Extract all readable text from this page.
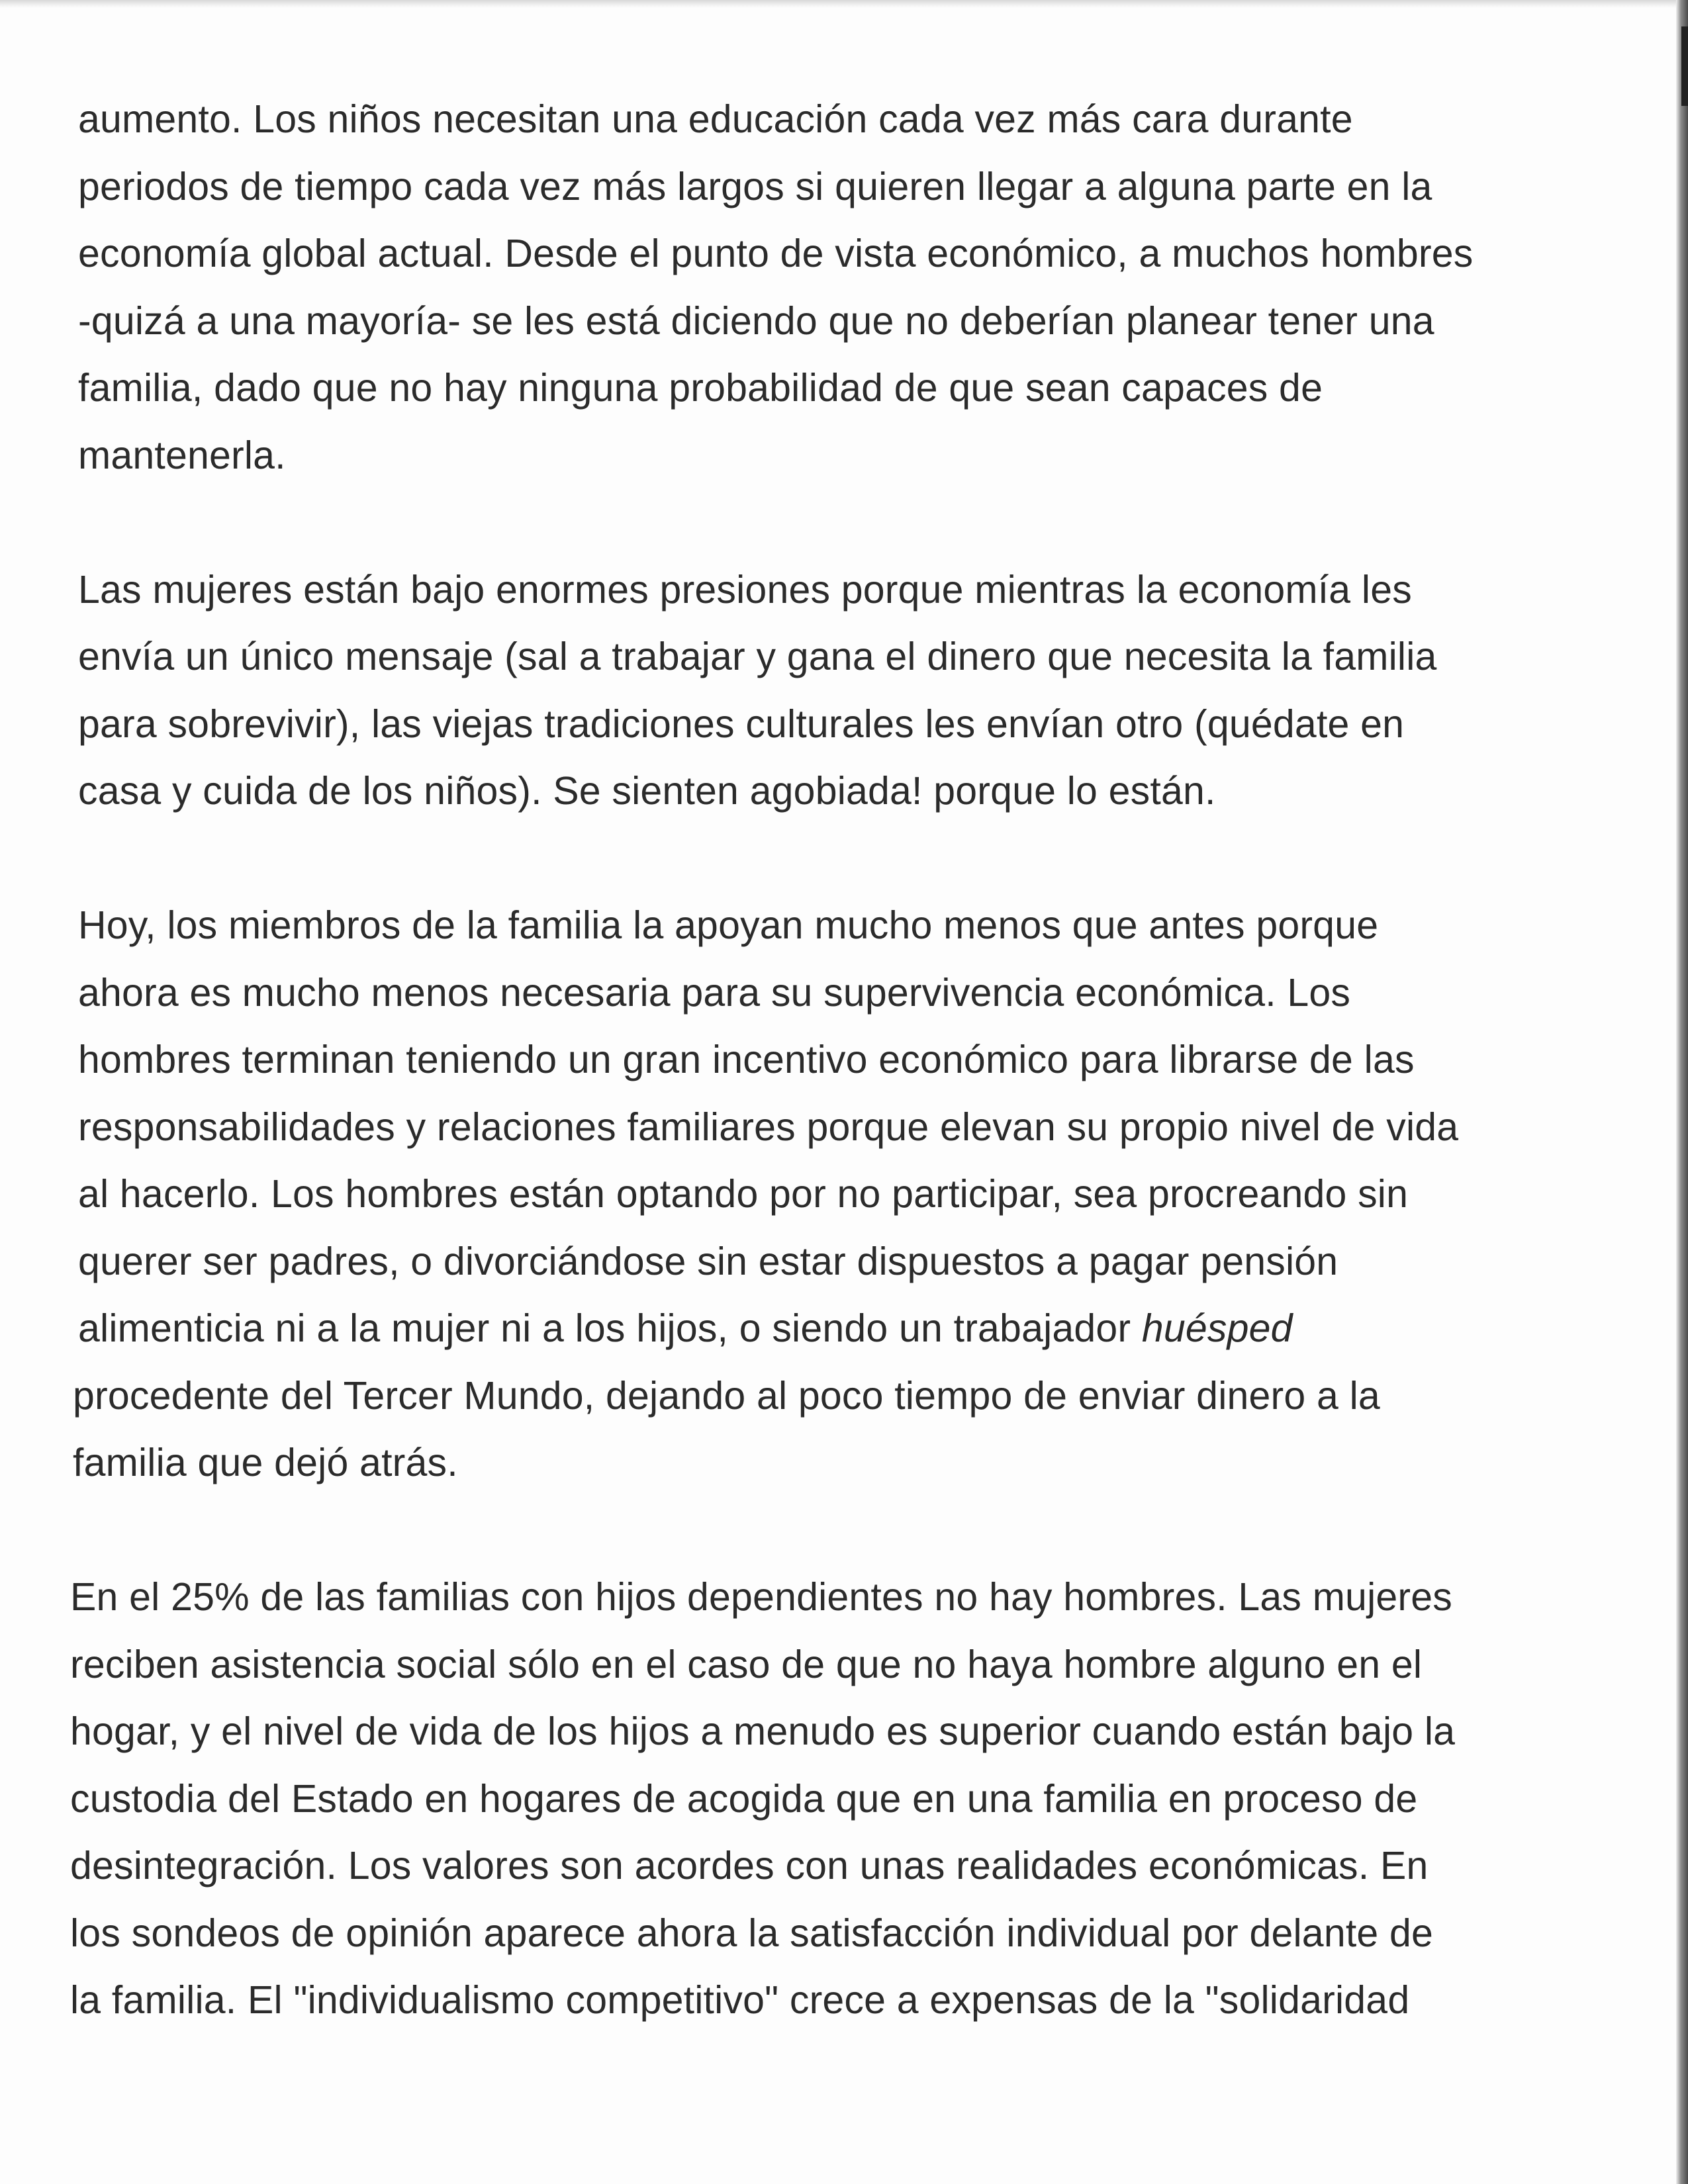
aumento. Los niños necesitan una educación cada vez más cara durante
periodos de tiempo cada vez más largos si quieren llegar a alguna parte en la
economía global actual. Desde el punto de vista económico, a muchos hombres
-quizá a una mayoría- se les está diciendo que no deberían planear tener una
familia, dado que no hay ninguna probabilidad de que sean capaces de
mantenerla.

Las mujeres están bajo enormes presiones porque mientras la economía les
envía un único mensaje (sal a trabajar y gana el dinero que necesita la familia
para sobrevivir), las viejas tradiciones culturales les envían otro (quédate en
casa y cuida de los niños). Se sienten agobiada! porque lo están.

Hoy, los miembros de la familia la apoyan mucho menos que antes porque
ahora es mucho menos necesaria para su supervivencia económica. Los
hombres terminan teniendo un gran incentivo económico para librarse de las
responsabilidades y relaciones familiares porque elevan su propio nivel de vida
al hacerlo. Los hombres están optando por no participar, sea procreando sin
querer ser padres, o divorciándose sin estar dispuestos a pagar pensión
alimenticia ni a la mujer ni a los hijos, o siendo un trabajador huésped
procedente del Tercer Mundo, dejando al poco tiempo de enviar dinero a la
familia que dejó atrás.

En el 25% de las familias con hijos dependientes no hay hombres. Las mujeres
reciben asistencia social sólo en el caso de que no haya hombre alguno en el
hogar, y el nivel de vida de los hijos a menudo es superior cuando están bajo la
custodia del Estado en hogares de acogida que en una familia en proceso de
desintegración. Los valores son acordes con unas realidades económicas. En
los sondeos de opinión aparece ahora la satisfacción individual por delante de
la familia. El "individualismo competitivo" crece a expensas de la "solidaridad
